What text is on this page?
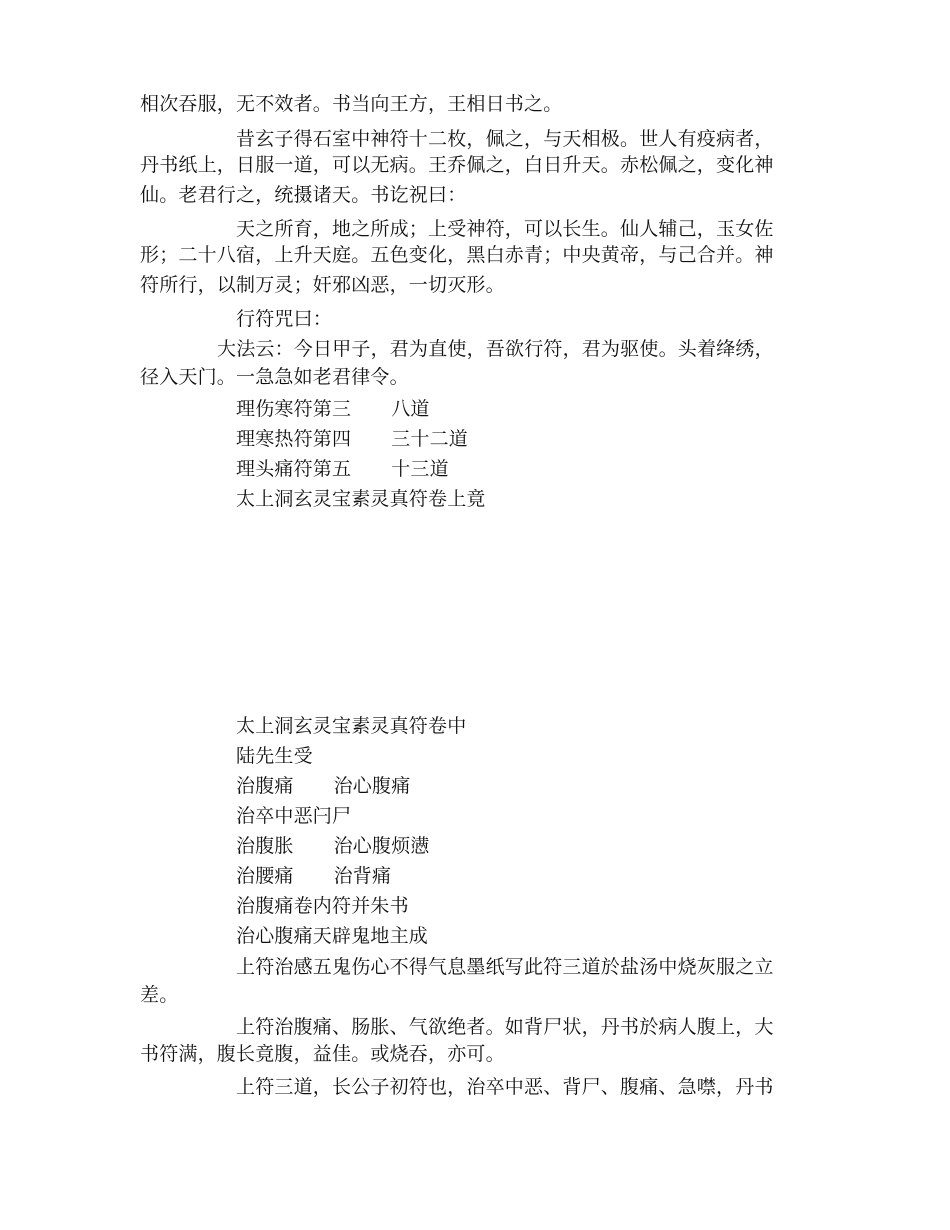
相次吞服，无不效者。书当向王方，王相日书之。
昔玄子得石室中神符十二枚，佩之，与天相极。世人有疫病者，
丹书纸上，日服一道，可以无病。王乔佩之，白日升天。赤松佩之，变化神
仙。老君行之，统摄诸天。书讫祝曰：
天之所育，地之所成；上受神符，可以长生。仙人辅己，玉女佐
形；二十八宿，上升天庭。五色变化，黑白赤青；中央黄帝，与己合并。神
符所行，以制万灵；奸邪凶恶，一切灭形。
行符咒曰：
大法云：今日甲子，君为直使，吾欲行符，君为驱使。头着绛绣，
径入天门。一急急如老君律令。
理伤寒符第三 八道
理寒热符第四 三十二道
理头痛符第五 十三道
太上洞玄灵宝素灵真符卷上竟
太上洞玄灵宝素灵真符卷中
陆先生受
治腹痛 治心腹痛
治卒中恶闩尸
治腹胀 治心腹烦懑
治腰痛 治背痛
治腹痛卷内符并朱书
治心腹痛天辟鬼地主成
上符治感五鬼伤心不得气息墨纸写此符三道於盐汤中烧灰服之立
差。
上符治腹痛、肠胀、气欲绝者。如背尸状，丹书於病人腹上，大
书符满，腹长竟腹，益佳。或烧吞，亦可。
上符三道，长公子初符也，治卒中恶、背尸、腹痛、急噤，丹书
